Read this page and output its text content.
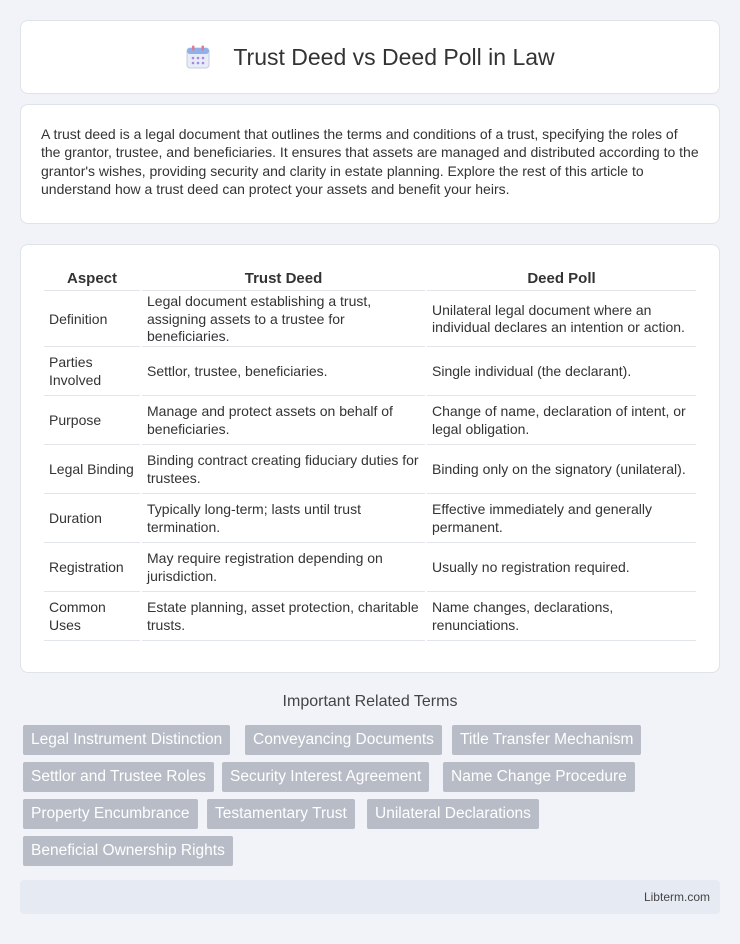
Trust Deed vs Deed Poll in Law

A trust deed is a legal document that outlines the terms and conditions of a trust, specifying the roles of the grantor, trustee, and beneficiaries. It ensures that assets are managed and distributed according to the grantor's wishes, providing security and clarity in estate planning. Explore the rest of this article to understand how a trust deed can protect your assets and benefit your heirs.

Aspect	Trust Deed	Deed Poll
Definition	Legal document establishing a trust, assigning assets to a trustee for beneficiaries.	Unilateral legal document where an individual declares an intention or action.
Parties Involved	Settlor, trustee, beneficiaries.	Single individual (the declarant).
Purpose	Manage and protect assets on behalf of beneficiaries.	Change of name, declaration of intent, or legal obligation.
Legal Binding	Binding contract creating fiduciary duties for trustees.	Binding only on the signatory (unilateral).
Duration	Typically long-term; lasts until trust termination.	Effective immediately and generally permanent.
Registration	May require registration depending on jurisdiction.	Usually no registration required.
Common Uses	Estate planning, asset protection, charitable trusts.	Name changes, declarations, renunciations.
Important Related Terms
Legal Instrument Distinction	Conveyancing Documents	Title Transfer Mechanism
Settlor and Trustee Roles	Security Interest Agreement	Name Change Procedure
Property Encumbrance	Testamentary Trust	Unilateral Declarations
Beneficial Ownership Rights
Libterm.com
